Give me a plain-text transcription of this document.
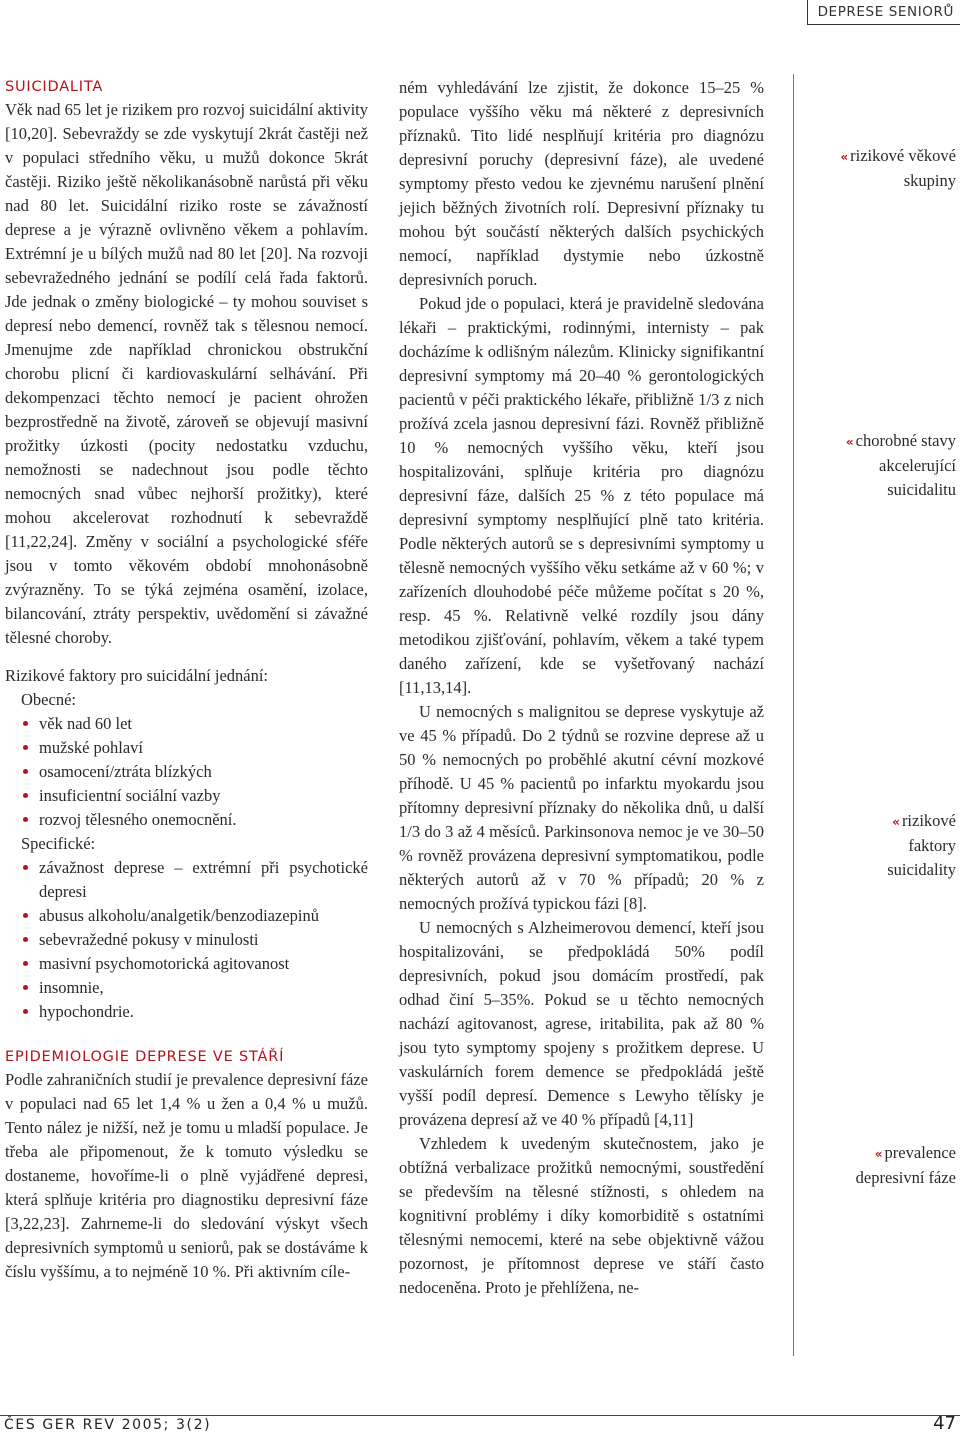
DEPRESE SENIORŮ
SUICIDALITA

Věk nad 65 let je rizikem pro rozvoj suicidální aktivity [10,20]. Sebevraždy se zde vyskytují 2krát častěji než v populaci středního věku, u mužů dokonce 5krát častěji. Riziko ještě několikanásobně narůstá při věku nad 80 let. Suicidální riziko roste se závažností deprese a je výrazně ovlivněno věkem a pohlavím. Extrémní je u bílých mužů nad 80 let [20]. Na rozvoji sebevražedného jednání se podílí celá řada faktorů. Jde jednak o změny biologické – ty mohou souviset s depresí nebo demencí, rovněž tak s tělesnou nemocí. Jmenujme zde například chronickou obstrukční chorobu plicní či kardiovaskulární selhávání. Při dekompenzaci těchto nemocí je pacient ohrožen bezprostředně na životě, zároveň se objevují masivní prožitky úzkosti (pocity nedostatku vzduchu, nemožnosti se nadechnout jsou podle těchto nemocných snad vůbec nejhorší prožitky), které mohou akcelerovat rozhodnutí k sebevraždě [11,22,24]. Změny v sociální a psychologické sféře jsou v tomto věkovém období mnohonásobně zvýrazněny. To se týká zejména osamění, izolace, bilancování, ztráty perspektiv, uvědomění si závažné tělesné choroby.

Rizikové faktory pro suicidální jednání:

Obecné:
věk nad 60 let
mužské pohlaví
osamocení/ztráta blízkých
insuficientní sociální vazby
rozvoj tělesného onemocnění.
Specifické:
závažnost deprese – extrémní při psychotické depresi
abusus alkoholu/analgetik/benzodiazepinů
sebevražedné pokusy v minulosti
masivní psychomotorická agitovanost
insomnie,
hypochondrie.
EPIDEMIOLOGIE DEPRESE VE STÁŘÍ

Podle zahraničních studií je prevalence depresivní fáze v populaci nad 65 let 1,4 % u žen a 0,4 % u mužů. Tento nález je nižší, než je tomu u mladší populace. Je třeba ale připomenout, že k tomuto výsledku se dostaneme, hovoříme-li o plně vyjádřené depresi, která splňuje kritéria pro diagnostiku depresivní fáze [3,22,23]. Zahrneme-li do sledování výskyt všech depresivních symptomů u seniorů, pak se dostáváme k číslu vyššímu, a to nejméně 10 %. Při aktivním cíle-

ném vyhledávání lze zjistit, že dokonce 15–25 % populace vyššího věku má některé z depresivních příznaků. Tito lidé nesplňují kritéria pro diagnózu depresivní poruchy (depresivní fáze), ale uvedené symptomy přesto vedou ke zjevnému narušení plnění jejich běžných životních rolí. Depresivní příznaky tu mohou být součástí některých dalších psychických nemocí, například dystymie nebo úzkostně depresivních poruch.

Pokud jde o populaci, která je pravidelně sledována lékaři – praktickými, rodinnými, internisty – pak docházíme k odlišným nálezům. Klinicky signifikantní depresivní symptomy má 20–40 % gerontologických pacientů v péči praktického lékaře, přibližně 1/3 z nich prožívá zcela jasnou depresivní fázi. Rovněž přibližně 10 % nemocných vyššího věku, kteří jsou hospitalizováni, splňuje kritéria pro diagnózu depresivní fáze, dalších 25 % z této populace má depresivní symptomy nesplňující plně tato kritéria. Podle některých autorů se s depresivními symptomy u tělesně nemocných vyššího věku setkáme až v 60 %; v zařízeních dlouhodobé péče můžeme počítat s 20 %, resp. 45 %. Relativně velké rozdíly jsou dány metodikou zjišťování, pohlavím, věkem a také typem daného zařízení, kde se vyšetřovaný nachází [11,13,14].

U nemocných s malignitou se deprese vyskytuje až ve 45 % případů. Do 2 týdnů se rozvine deprese až u 50 % nemocných po proběhlé akutní cévní mozkové příhodě. U 45 % pacientů po infarktu myokardu jsou přítomny depresivní příznaky do několika dnů, u další 1/3 do 3 až 4 měsíců. Parkinsonova nemoc je ve 30–50 % rovněž provázena depresivní symptomatikou, podle některých autorů až v 70 % případů; 20 % z nemocných prožívá typickou fázi [8].

U nemocných s Alzheimerovou demencí, kteří jsou hospitalizováni, se předpokládá 50% podíl depresivních, pokud jsou domácím prostředí, pak odhad činí 5–35%. Pokud se u těchto nemocných nachází agitovanost, agrese, iritabilita, pak až 80 % jsou tyto symptomy spojeny s prožitkem deprese. U vaskulárních forem demence se předpokládá ještě vyšší podíl depresí. Demence s Lewyho tělísky je provázena depresí až ve 40 % případů [4,11]

Vzhledem k uvedeným skutečnostem, jako je obtížná verbalizace prožitků nemocnými, soustředění se především na tělesné stížnosti, s ohledem na kognitivní problémy i díky komorbiditě s ostatními tělesnými nemocemi, které na sebe objektivně vážou pozornost, je přítomnost deprese ve stáří často nedoceněna. Proto je přehlížena, ne-

« rizikové věkové
skupiny
« chorobné stavy
akcelerující
suicidalitu
« rizikové
faktory
suicidality
« prevalence
depresivní fáze
ČES GER REV 2005; 3(2)	47
